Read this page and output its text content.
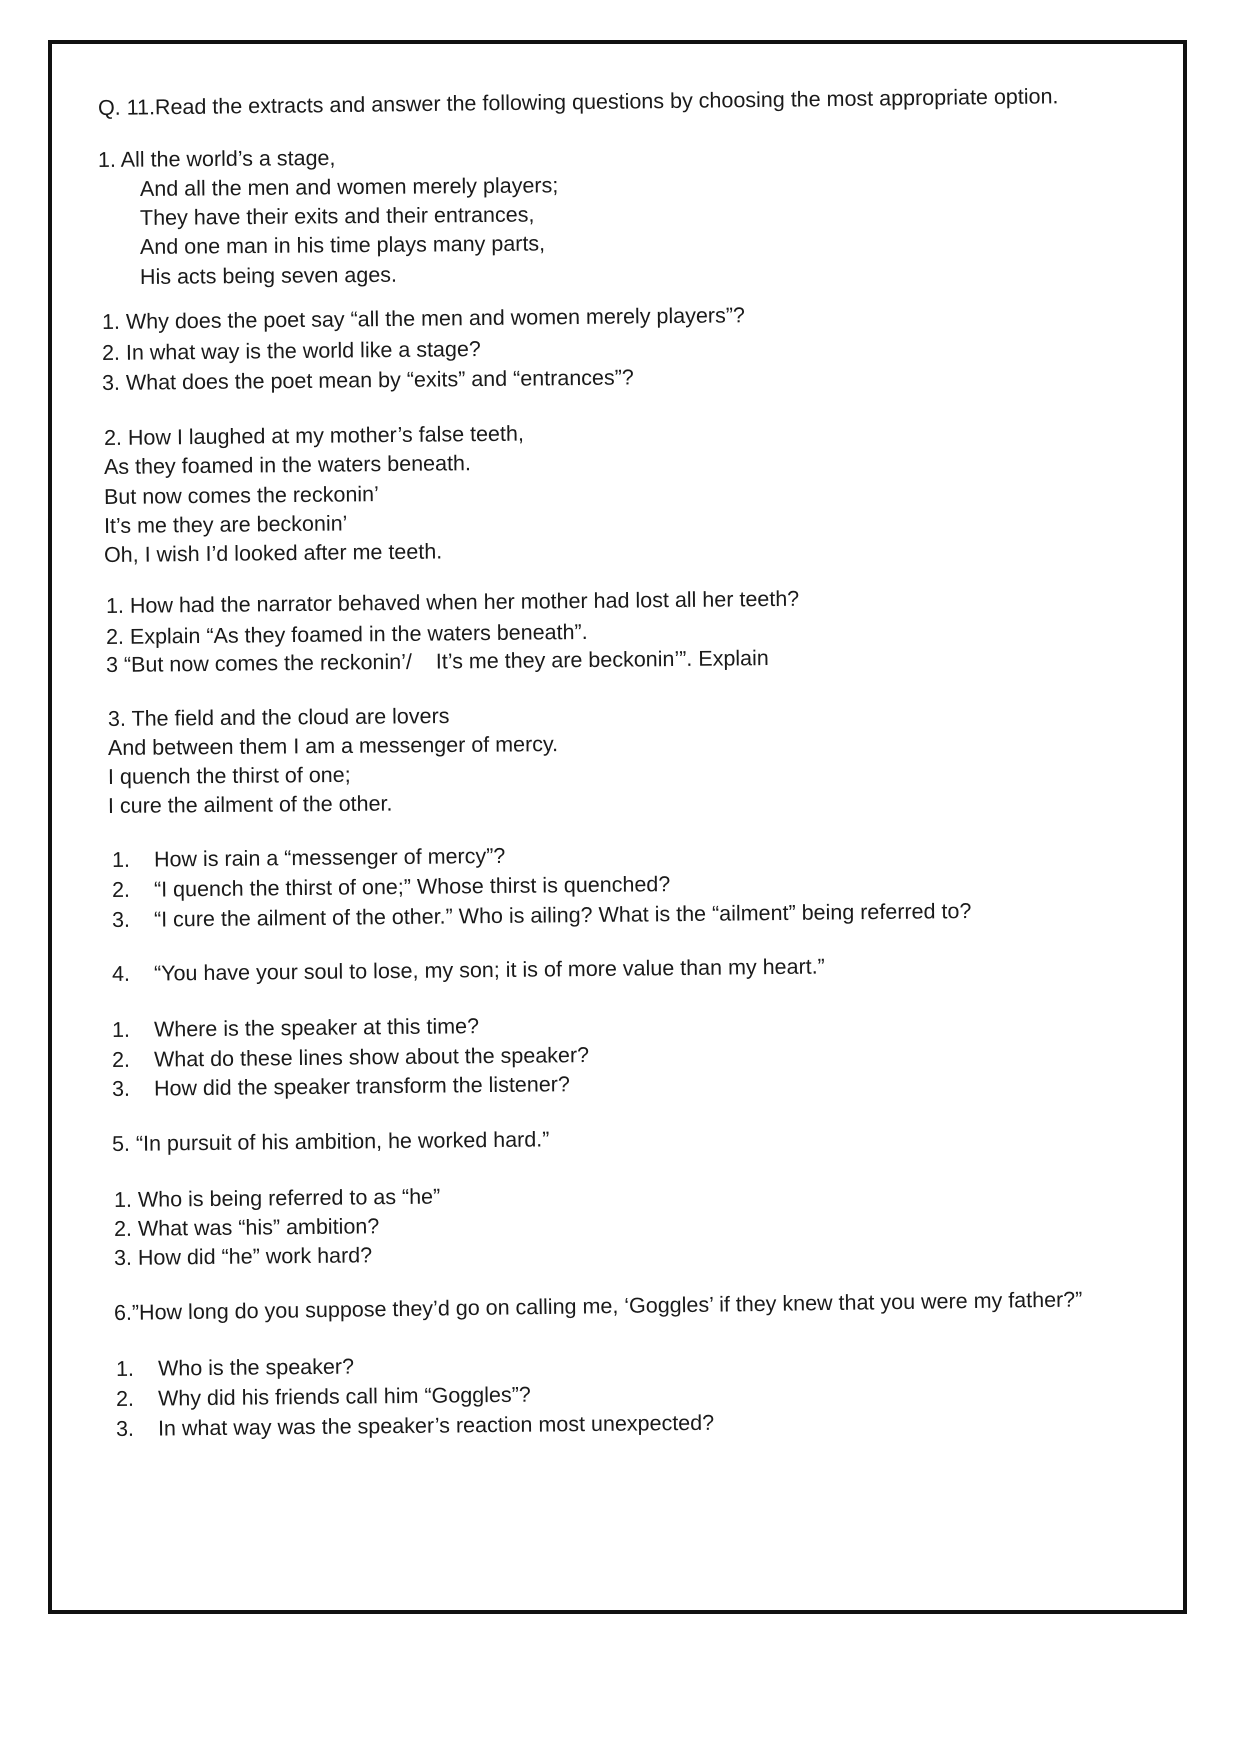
Q. 11.Read the extracts and answer the following questions by choosing the most appropriate option.
1. All the world’s a stage,
And all the men and women merely players;
They have their exits and their entrances,
And one man in his time plays many parts,
His acts being seven ages.
1. Why does the poet say “all the men and women merely players”?
2. In what way is the world like a stage?
3. What does the poet mean by “exits” and “entrances”?
2. How I laughed at my mother’s false teeth,
As they foamed in the waters beneath.
But now comes the reckonin’
It’s me they are beckonin’
Oh, I wish I’d looked after me teeth.
1. How had the narrator behaved when her mother had lost all her teeth?
2. Explain “As they foamed in the waters beneath”.
3 “But now comes the reckonin’/    It’s me they are beckonin’”. Explain
3. The field and the cloud are lovers
And between them I am a messenger of mercy.
I quench the thirst of one;
I cure the ailment of the other.
1. How is rain a “messenger of mercy”?
2. “I quench the thirst of one;” Whose thirst is quenched?
3. “I cure the ailment of the other.” Who is ailing? What is the “ailment” being referred to?
4. “You have your soul to lose, my son; it is of more value than my heart.”
1. Where is the speaker at this time?
2. What do these lines show about the speaker?
3. How did the speaker transform the listener?
5. “In pursuit of his ambition, he worked hard.”
1. Who is being referred to as “he”
2. What was “his” ambition?
3. How did “he” work hard?
6.”How long do you suppose they’d go on calling me, ‘Goggles’ if they knew that you were my father?”
1. Who is the speaker?
2. Why did his friends call him “Goggles”?
3. In what way was the speaker’s reaction most unexpected?
